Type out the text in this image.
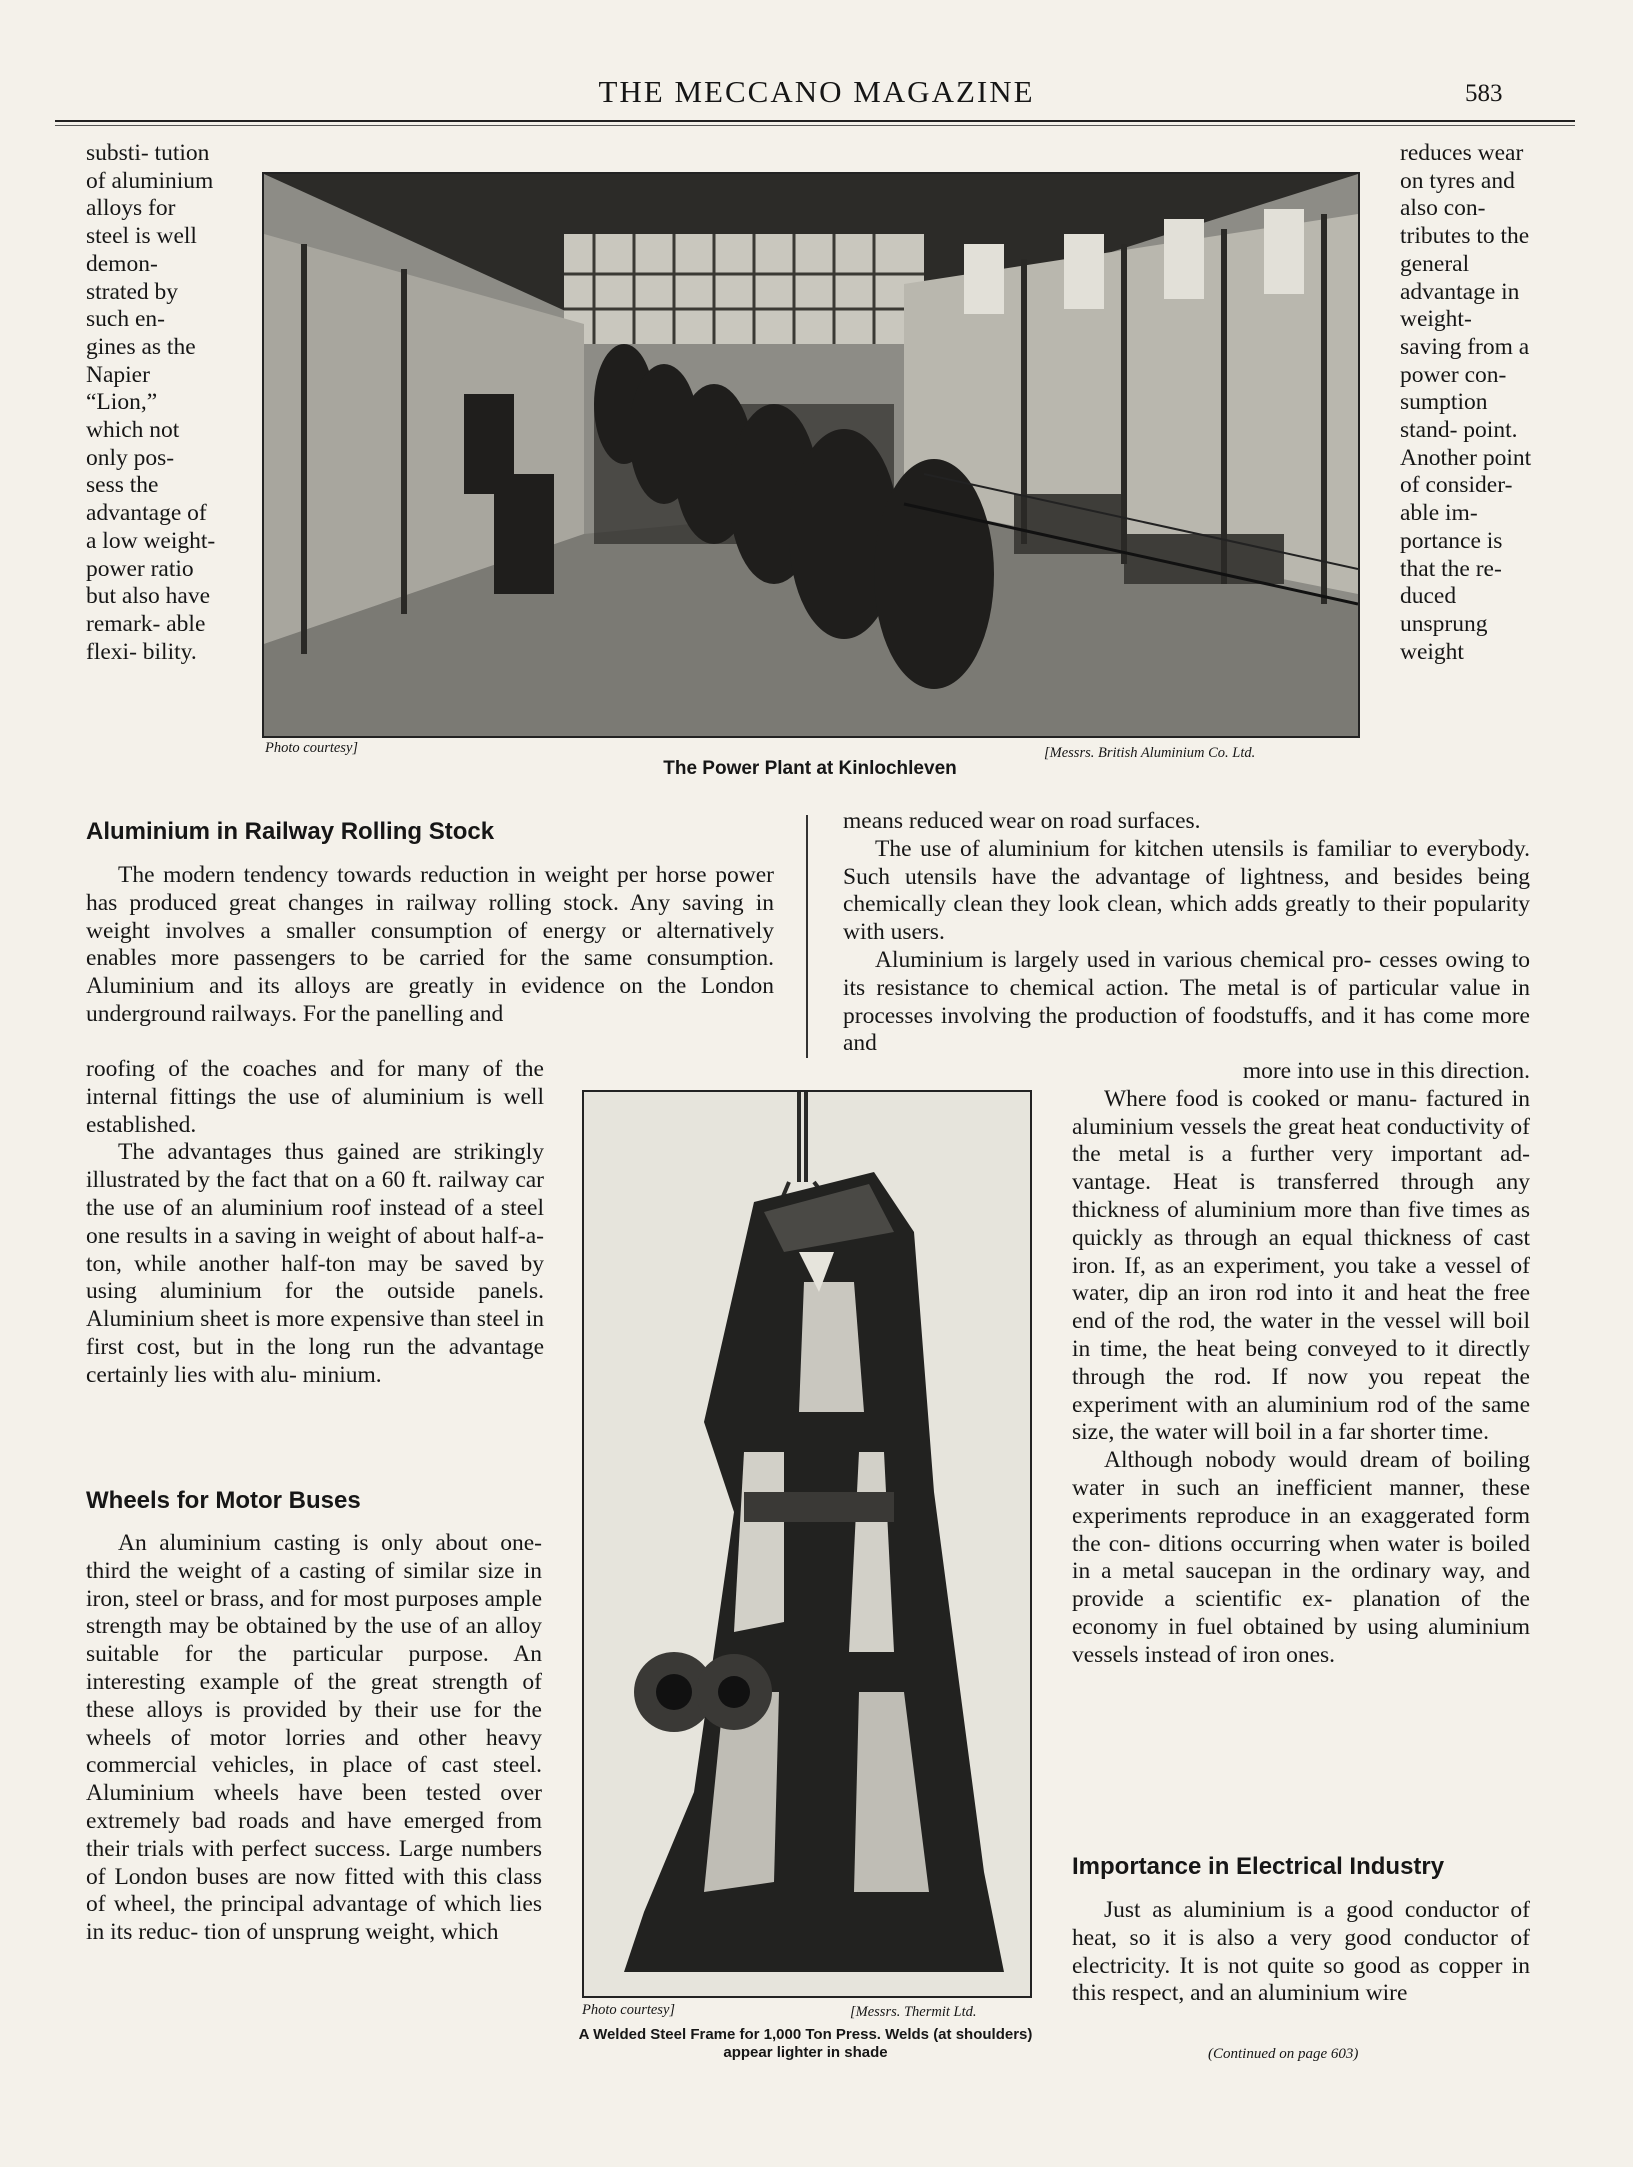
THE MECCANO MAGAZINE	583
substi- tution of aluminium alloys for steel is well demon- strated by such en- gines as the Napier “Lion,” which not only pos- sess the advantage of a low weight- power ratio but also have remark- able flexi- bility.
Photo courtesy]	[Messrs. British Aluminium Co. Ltd.
The Power Plant at Kinlochleven
reduces wear on tyres and also con- tributes to the general advantage in weight- saving from a power con- sumption stand- point. Another point of consider- able im- portance is that the re- duced unsprung weight
Aluminium in Railway Rolling Stock

The modern tendency towards reduction in weight per horse power has produced great changes in railway rolling stock. Any saving in weight involves a smaller consumption of energy or alternatively enables more passengers to be carried for the same consumption. Aluminium and its alloys are greatly in evidence on the London underground railways. For the panelling and

roofing of the coaches and for many of the internal fittings the use of aluminium is well established.

The advantages thus gained are strikingly illustrated by the fact that on a 60 ft. railway car the use of an aluminium roof instead of a steel one results in a saving in weight of about half-a-ton, while another half-ton may be saved by using aluminium for the outside panels. Aluminium sheet is more expensive than steel in first cost, but in the long run the advantage certainly lies with alu- minium.

Wheels for Motor Buses

An aluminium casting is only about one-third the weight of a casting of similar size in iron, steel or brass, and for most purposes ample strength may be obtained by the use of an alloy suitable for the particular purpose. An interesting example of the great strength of these alloys is provided by their use for the wheels of motor lorries and other heavy commercial vehicles, in place of cast steel. Aluminium wheels have been tested over extremely bad roads and have emerged from their trials with perfect success. Large numbers of London buses are now fitted with this class of wheel, the principal advantage of which lies in its reduc- tion of unsprung weight, which

means reduced wear on road surfaces.

The use of aluminium for kitchen utensils is familiar to everybody. Such utensils have the advantage of lightness, and besides being chemically clean they look clean, which adds greatly to their popularity with users.

Aluminium is largely used in various chemical pro- cesses owing to its resistance to chemical action. The metal is of particular value in processes involving the production of foodstuffs, and it has come more and

more into use in this direction.

Where food is cooked or manu- factured in aluminium vessels the great heat conductivity of the metal is a further very important ad- vantage. Heat is transferred through any thickness of aluminium more than five times as quickly as through an equal thickness of cast iron. If, as an experiment, you take a vessel of water, dip an iron rod into it and heat the free end of the rod, the water in the vessel will boil in time, the heat being conveyed to it directly through the rod. If now you repeat the experiment with an aluminium rod of the same size, the water will boil in a far shorter time.

Although nobody would dream of boiling water in such an inefficient manner, these experiments reproduce in an exaggerated form the con- ditions occurring when water is boiled in a metal saucepan in the ordinary way, and provide a scientific ex- planation of the economy in fuel obtained by using aluminium vessels instead of iron ones.

Importance in Electrical Industry

Just as aluminium is a good conductor of heat, so it is also a very good conductor of electricity. It is not quite so good as copper in this respect, and an aluminium wire

(Continued on page 603)
Photo courtesy]	[Messrs. Thermit Ltd.
A Welded Steel Frame for 1,000 Ton Press. Welds (at shoulders) appear lighter in shade
